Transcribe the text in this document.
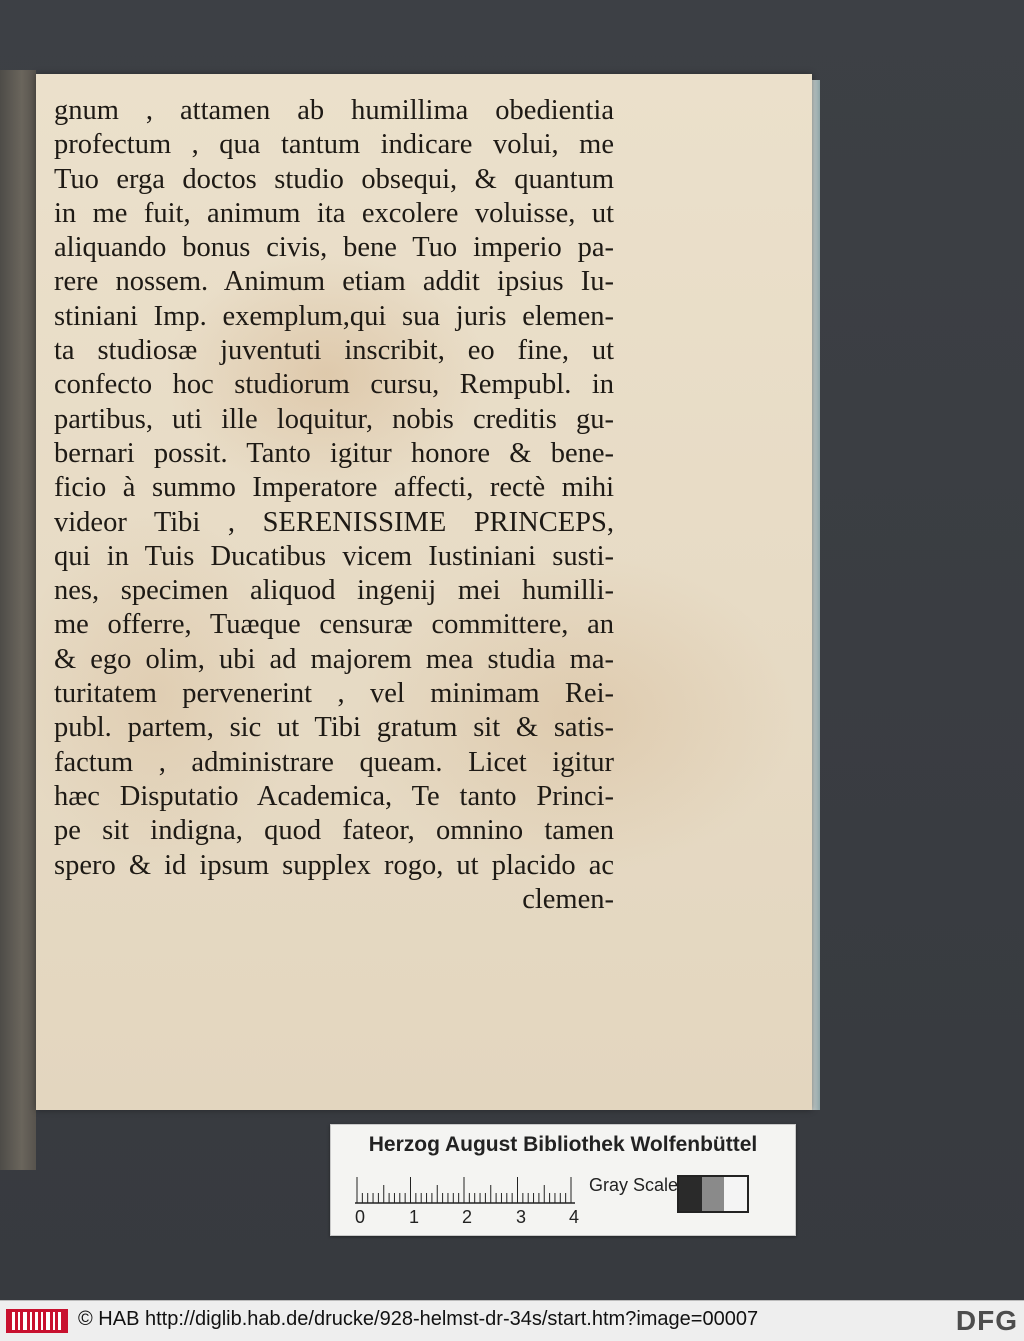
gnum , attamen ab humillima obedientia
profectum , qua tantum indicare volui, me
Tuo erga doctos studio obsequi, & quantum
in me fuit, animum ita excolere voluisse, ut
aliquando bonus civis, bene Tuo imperio pa-
rere nossem. Animum etiam addit ipsius Iu-
stiniani Imp. exemplum,qui sua juris elemen-
ta studiosæ juventuti inscribit, eo fine, ut
confecto hoc studiorum cursu, Rempubl. in
partibus, uti ille loquitur, nobis creditis gu-
bernari possit. Tanto igitur honore & bene-
ficio à summo Imperatore affecti, rectè mihi
videor Tibi , SERENISSIME PRINCEPS,
qui in Tuis Ducatibus vicem Iustiniani susti-
nes, specimen aliquod ingenij mei humilli-
me offerre, Tuæque censuræ committere, an
& ego olim, ubi ad majorem mea studia ma-
turitatem pervenerint , vel minimam Rei-
publ. partem, sic ut Tibi gratum sit & satis-
factum , administrare queam. Licet igitur
hæc Disputatio Academica, Te tanto Princi-
pe sit indigna, quod fateor, omnino tamen
spero & id ipsum supplex rogo, ut placido ac
clemen-
Herzog August Bibliothek Wolfenbüttel
0 1 2 3 4
Gray Scale
© HAB http://diglib.hab.de/drucke/928-helmst-dr-34s/start.htm?image=00007	DFG
